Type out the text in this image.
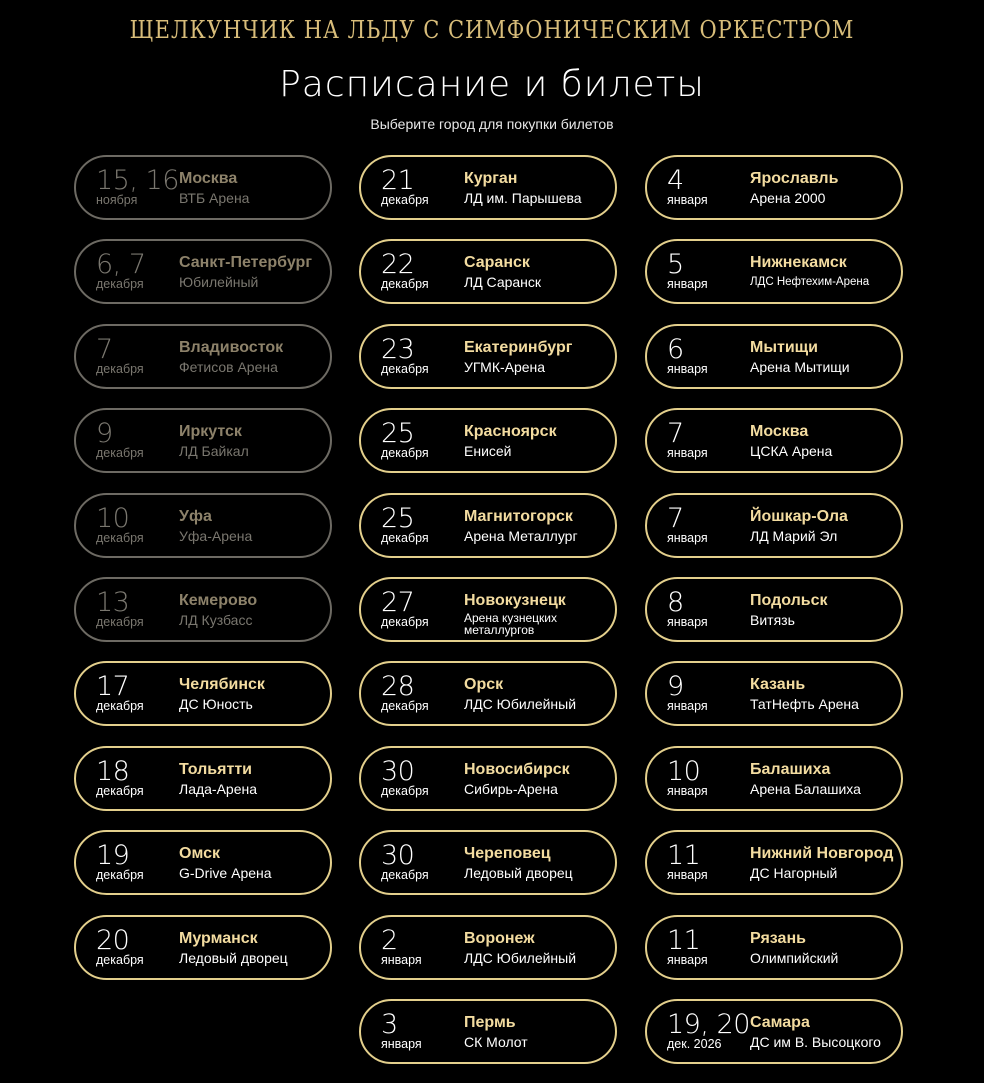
ЩЕЛКУНЧИК НА ЛЬДУ С СИМФОНИЧЕСКИМ ОРКЕСТРОМ
Расписание и билеты
Выберите город для покупки билетов
15, 16
ноября
Москва
ВТБ Арена
6, 7
декабря
Санкт-Петербург
Юбилейный
7
декабря
Владивосток
Фетисов Арена
9
декабря
Иркутск
ЛД Байкал
10
декабря
Уфа
Уфа-Арена
13
декабря
Кемерово
ЛД Кузбасс
17
декабря
Челябинск
ДС Юность
18
декабря
Тольятти
Лада-Арена
19
декабря
Омск
G-Drive Арена
20
декабря
Мурманск
Ледовый дворец
21
декабря
Курган
ЛД им. Парышева
22
декабря
Саранск
ЛД Саранск
23
декабря
Екатеринбург
УГМК-Арена
25
декабря
Красноярск
Енисей
25
декабря
Магнитогорск
Арена Металлург
27
декабря
Новокузнецк
Арена кузнецких металлургов
28
декабря
Орск
ЛДС Юбилейный
30
декабря
Новосибирск
Сибирь-Арена
30
декабря
Череповец
Ледовый дворец
2
января
Воронеж
ЛДС Юбилейный
3
января
Пермь
СК Молот
4
января
Ярославль
Арена 2000
5
января
Нижнекамск
ЛДС Нефтехим-Арена
6
января
Мытищи
Арена Мытищи
7
января
Москва
ЦСКА Арена
7
января
Йошкар-Ола
ЛД Марий Эл
8
января
Подольск
Витязь
9
января
Казань
ТатНефть Арена
10
января
Балашиха
Арена Балашиха
11
января
Нижний Новгород
ДС Нагорный
11
января
Рязань
Олимпийский
19, 20
дек. 2026
Самара
ДС им В. Высоцкого
